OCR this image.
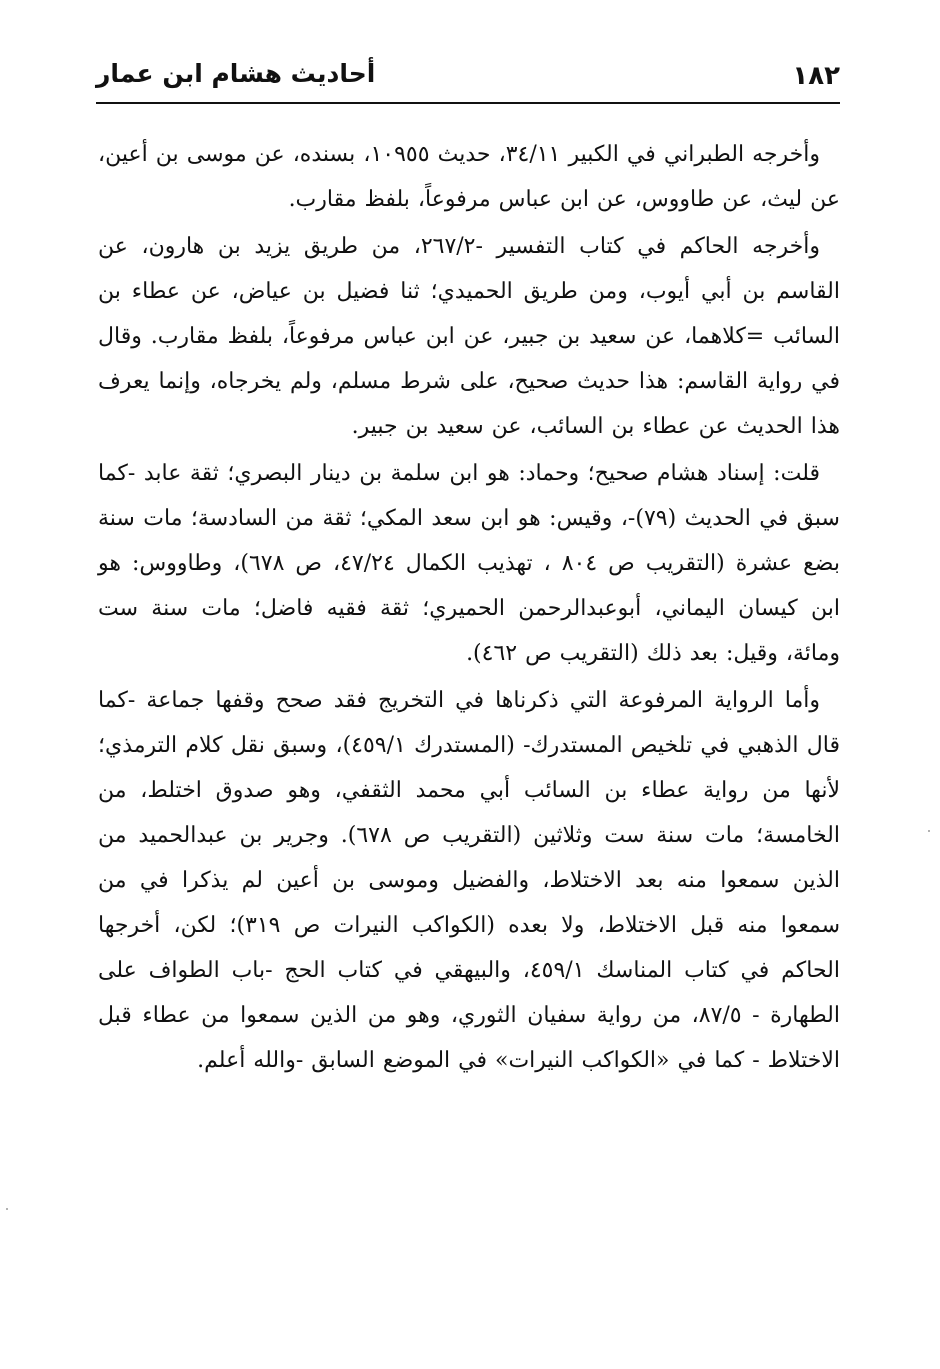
١٨٢
أحاديث هشام ابن عمار

وأخرجه الطبراني في الكبير ٣٤/١١، حديث ١٠٩٥٥، بسنده، عن موسى بن أعين، عن ليث، عن طاووس، عن ابن عباس مرفوعاً، بلفظ مقارب.

وأخرجه الحاكم في كتاب التفسير -٢٦٧/٢، من طريق يزيد بن هارون، عن القاسم بن أبي أيوب، ومن طريق الحميدي؛ ثنا فضيل بن عياض، عن عطاء بن السائب =كلاهما، عن سعيد بن جبير، عن ابن عباس مرفوعاً، بلفظ مقارب. وقال في رواية القاسم: هذا حديث صحيح، على شرط مسلم، ولم يخرجاه، وإنما يعرف هذا الحديث عن عطاء بن السائب، عن سعيد بن جبير.

قلت: إسناد هشام صحيح؛ وحماد: هو ابن سلمة بن دينار البصري؛ ثقة عابد -كما سبق في الحديث (٧٩)-، وقيس: هو ابن سعد المكي؛ ثقة من السادسة؛ مات سنة بضع عشرة (التقريب ص ٨٠٤ ، تهذيب الكمال ٤٧/٢٤، ص ٦٧٨)، وطاووس: هو ابن كيسان اليماني، أبوعبدالرحمن الحميري؛ ثقة فقيه فاضل؛ مات سنة ست ومائة، وقيل: بعد ذلك (التقريب ص ٤٦٢).

وأما الرواية المرفوعة التي ذكرناها في التخريج فقد صحح وقفها جماعة -كما قال الذهبي في تلخيص المستدرك- (المستدرك ٤٥٩/١)، وسبق نقل كلام الترمذي؛ لأنها من رواية عطاء بن السائب أبي محمد الثقفي، وهو صدوق اختلط، من الخامسة؛ مات سنة ست وثلاثين (التقريب ص ٦٧٨). وجرير بن عبدالحميد من الذين سمعوا منه بعد الاختلاط، والفضيل وموسى بن أعين لم يذكرا في من سمعوا منه قبل الاختلاط، ولا بعده (الكواكب النيرات ص ٣١٩)؛ لكن، أخرجها الحاكم في كتاب المناسك ٤٥٩/١، والبيهقي في كتاب الحج -باب الطواف على الطهارة - ٨٧/٥، من رواية سفيان الثوري، وهو من الذين سمعوا من عطاء قبل الاختلاط - كما في «الكواكب النيرات» في الموضع السابق -والله أعلم.
